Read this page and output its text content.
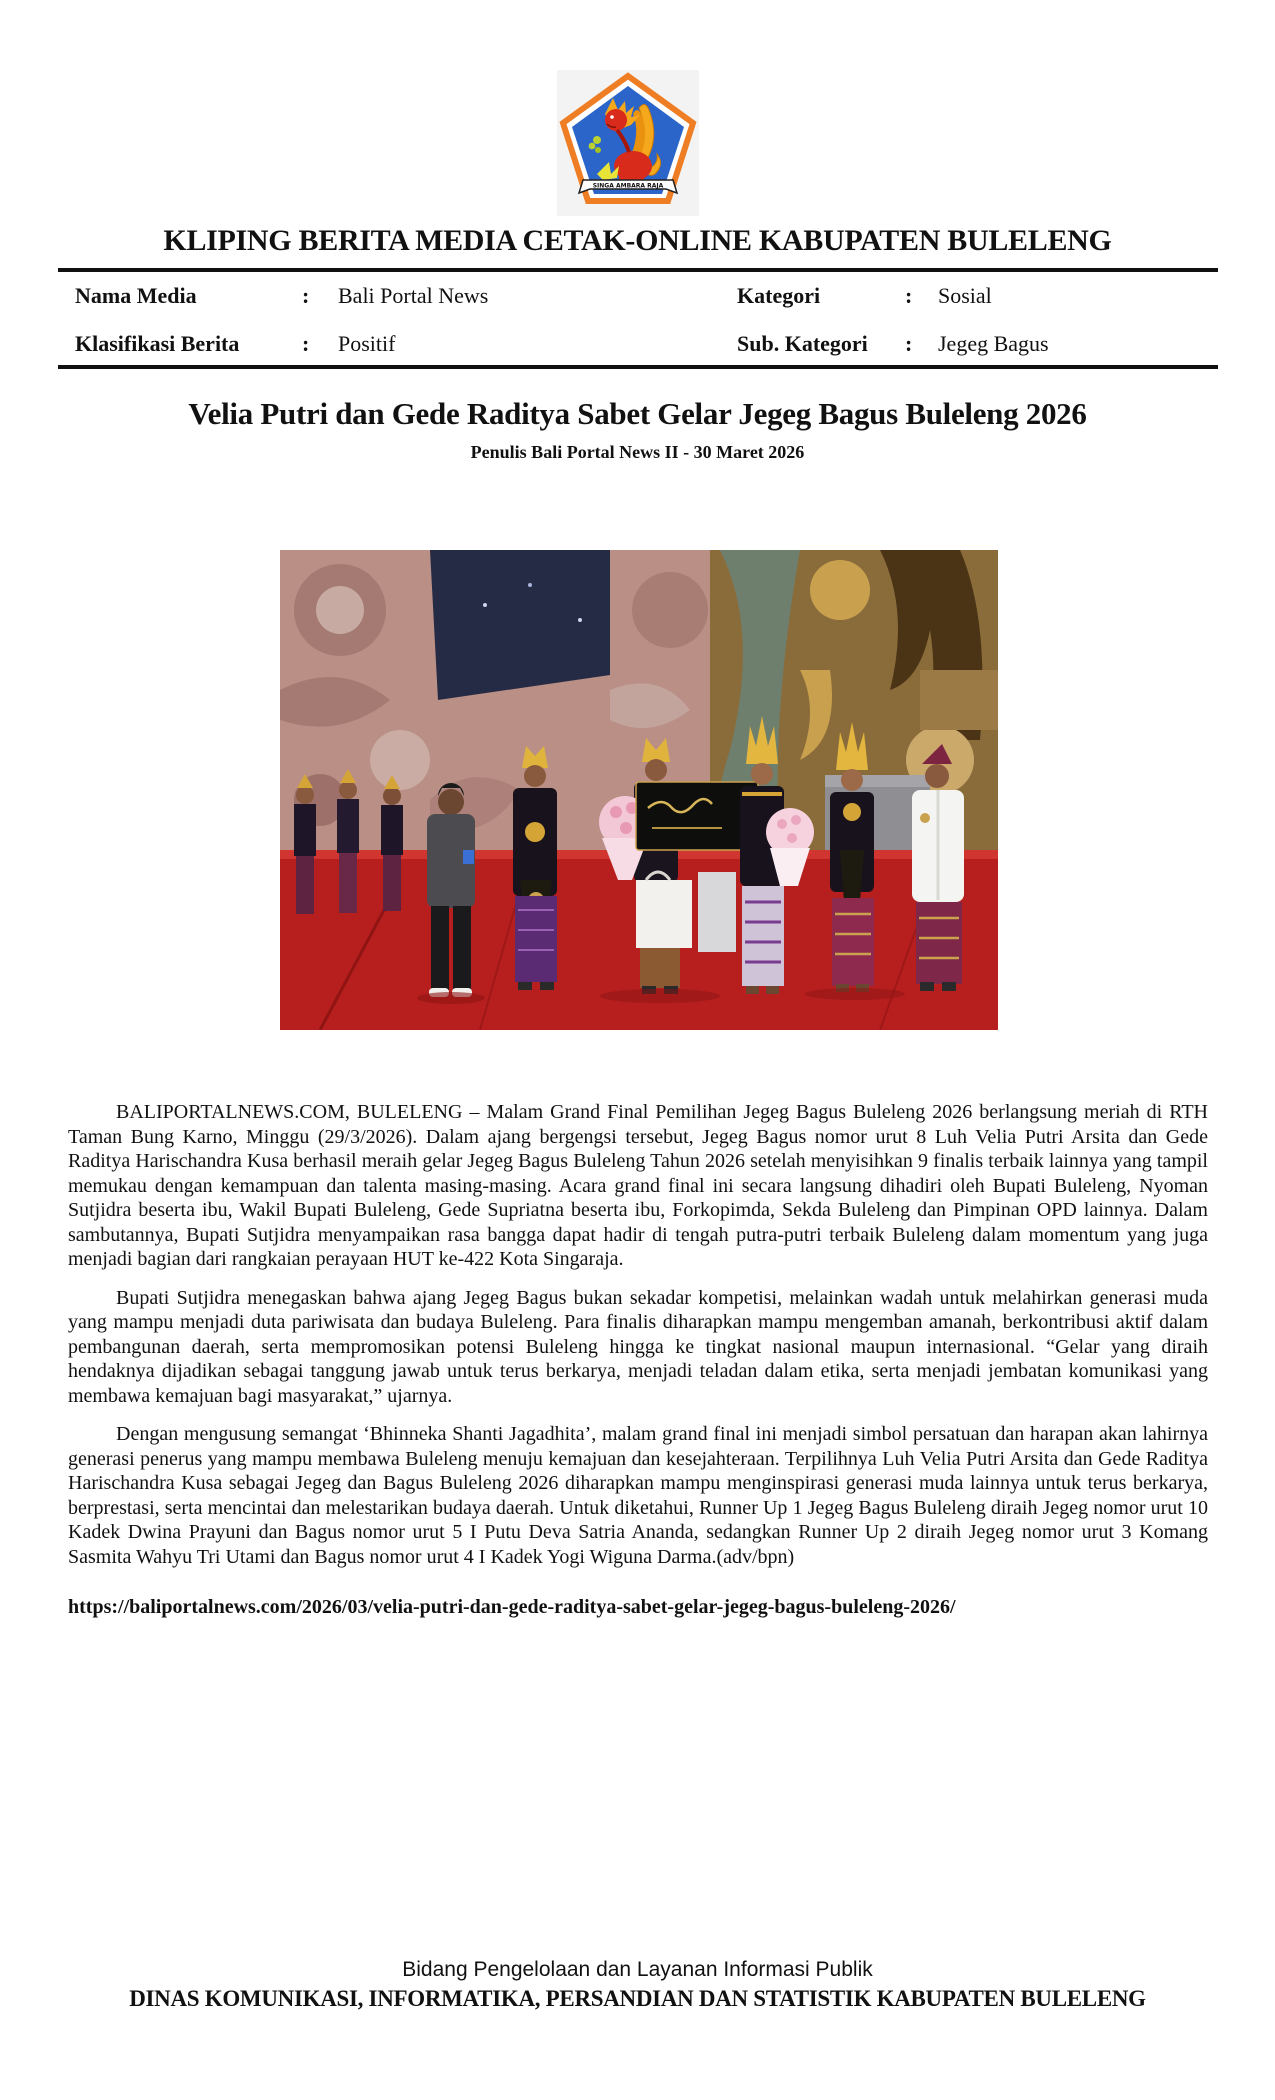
SINGA AMBARA RAJA
KLIPING BERITA MEDIA CETAK-ONLINE KABUPATEN BULELENG
Nama Media	: Bali Portal News	Kategori	: Sosial
Klasifikasi Berita	: Positif	Sub. Kategori : Jegeg Bagus
Velia Putri dan Gede Raditya Sabet Gelar Jegeg Bagus Buleleng 2026
Penulis Bali Portal News II - 30 Maret 2026

BALIPORTALNEWS.COM, BULELENG – Malam Grand Final Pemilihan Jegeg Bagus Buleleng 2026 berlangsung meriah di RTH Taman Bung Karno, Minggu (29/3/2026). Dalam ajang bergengsi tersebut, Jegeg Bagus nomor urut 8 Luh Velia Putri Arsita dan Gede Raditya Harischandra Kusa berhasil meraih gelar Jegeg Bagus Buleleng Tahun 2026 setelah menyisihkan 9 finalis terbaik lainnya yang tampil memukau dengan kemampuan dan talenta masing-masing. Acara grand final ini secara langsung dihadiri oleh Bupati Buleleng, Nyoman Sutjidra beserta ibu, Wakil Bupati Buleleng, Gede Supriatna beserta ibu, Forkopimda, Sekda Buleleng dan Pimpinan OPD lainnya. Dalam sambutannya, Bupati Sutjidra menyampaikan rasa bangga dapat hadir di tengah putra-putri terbaik Buleleng dalam momentum yang juga menjadi bagian dari rangkaian perayaan HUT ke-422 Kota Singaraja.

Bupati Sutjidra menegaskan bahwa ajang Jegeg Bagus bukan sekadar kompetisi, melainkan wadah untuk melahirkan generasi muda yang mampu menjadi duta pariwisata dan budaya Buleleng. Para finalis diharapkan mampu mengemban amanah, berkontribusi aktif dalam pembangunan daerah, serta mempromosikan potensi Buleleng hingga ke tingkat nasional maupun internasional. “Gelar yang diraih hendaknya dijadikan sebagai tanggung jawab untuk terus berkarya, menjadi teladan dalam etika, serta menjadi jembatan komunikasi yang membawa kemajuan bagi masyarakat,” ujarnya.

Dengan mengusung semangat ‘Bhinneka Shanti Jagadhita’, malam grand final ini menjadi simbol persatuan dan harapan akan lahirnya generasi penerus yang mampu membawa Buleleng menuju kemajuan dan kesejahteraan. Terpilihnya Luh Velia Putri Arsita dan Gede Raditya Harischandra Kusa sebagai Jegeg dan Bagus Buleleng 2026 diharapkan mampu menginspirasi generasi muda lainnya untuk terus berkarya, berprestasi, serta mencintai dan melestarikan budaya daerah. Untuk diketahui, Runner Up 1 Jegeg Bagus Buleleng diraih Jegeg nomor urut 10 Kadek Dwina Prayuni dan Bagus nomor urut 5 I Putu Deva Satria Ananda, sedangkan Runner Up 2 diraih Jegeg nomor urut 3 Komang Sasmita Wahyu Tri Utami dan Bagus nomor urut 4 I Kadek Yogi Wiguna Darma.(adv/bpn)

https://baliportalnews.com/2026/03/velia-putri-dan-gede-raditya-sabet-gelar-jegeg-bagus-buleleng-2026/
Bidang Pengelolaan dan Layanan Informasi Publik
DINAS KOMUNIKASI, INFORMATIKA, PERSANDIAN DAN STATISTIK KABUPATEN BULELENG
